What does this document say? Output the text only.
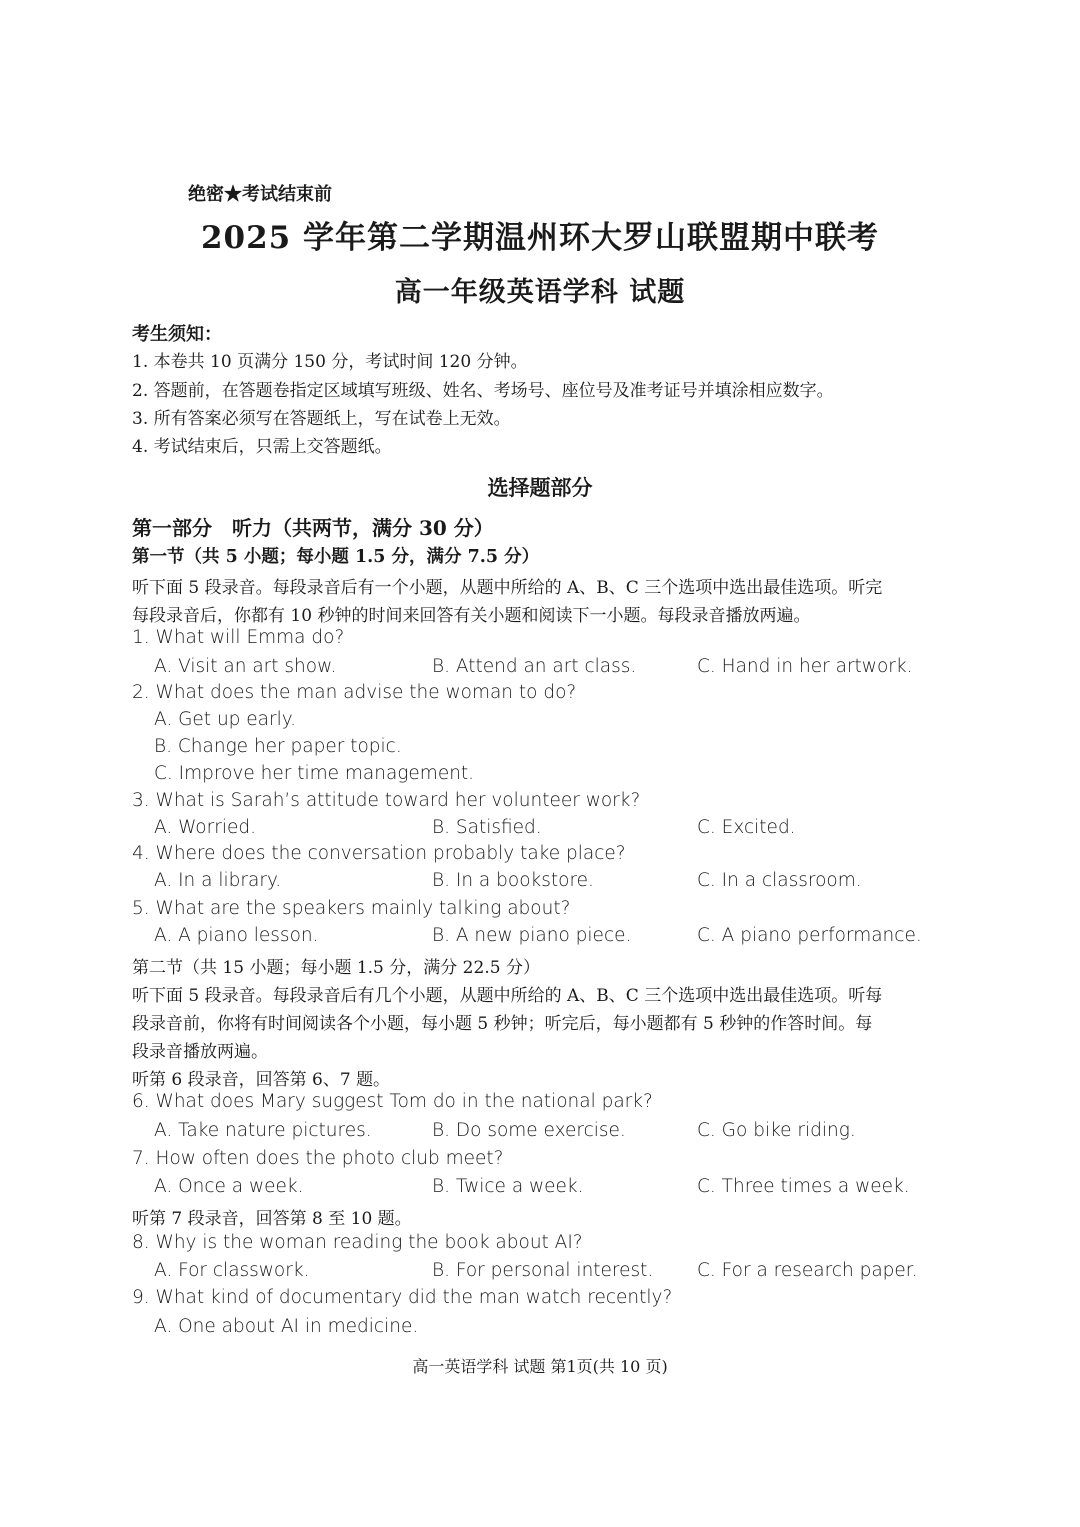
绝密★考试结束前
2025 学年第二学期温州环大罗山联盟期中联考
高一年级英语学科 试题
考生须知：
1. 本卷共 10 页满分 150 分，考试时间 120 分钟。
2. 答题前，在答题卷指定区域填写班级、姓名、考场号、座位号及准考证号并填涂相应数字。
3. 所有答案必须写在答题纸上，写在试卷上无效。
4. 考试结束后，只需上交答题纸。
选择题部分
第一部分　听力（共两节，满分 30 分）
第一节（共 5 小题；每小题 1.5 分，满分 7.5 分）
听下面 5 段录音。每段录音后有一个小题，从题中所给的 A、B、C 三个选项中选出最佳选项。听完
每段录音后，你都有 10 秒钟的时间来回答有关小题和阅读下一小题。每段录音播放两遍。
1. What will Emma do?
A. Visit an art show.	B. Attend an art class.	C. Hand in her artwork.
2. What does the man advise the woman to do?
A. Get up early.
B. Change her paper topic.
C. Improve her time management.
3. What is Sarah’s attitude toward her volunteer work?
A. Worried.	B. Satisfied.	C. Excited.
4. Where does the conversation probably take place?
A. In a library.	B. In a bookstore.	C. In a classroom.
5. What are the speakers mainly talking about?
A. A piano lesson.	B. A new piano piece.	C. A piano performance.
第二节（共 15 小题；每小题 1.5 分，满分 22.5 分）
听下面 5 段录音。每段录音后有几个小题，从题中所给的 A、B、C 三个选项中选出最佳选项。听每
段录音前，你将有时间阅读各个小题，每小题 5 秒钟；听完后，每小题都有 5 秒钟的作答时间。每
段录音播放两遍。
听第 6 段录音，回答第 6、7 题。
6. What does Mary suggest Tom do in the national park?
A. Take nature pictures.	B. Do some exercise.	C. Go bike riding.
7. How often does the photo club meet?
A. Once a week.	B. Twice a week.	C. Three times a week.
听第 7 段录音，回答第 8 至 10 题。
8. Why is the woman reading the book about AI?
A. For classwork.	B. For personal interest. C. For a research paper.
9. What kind of documentary did the man watch recently?
A. One about AI in medicine.
高一英语学科 试题 第1页(共 10 页)
